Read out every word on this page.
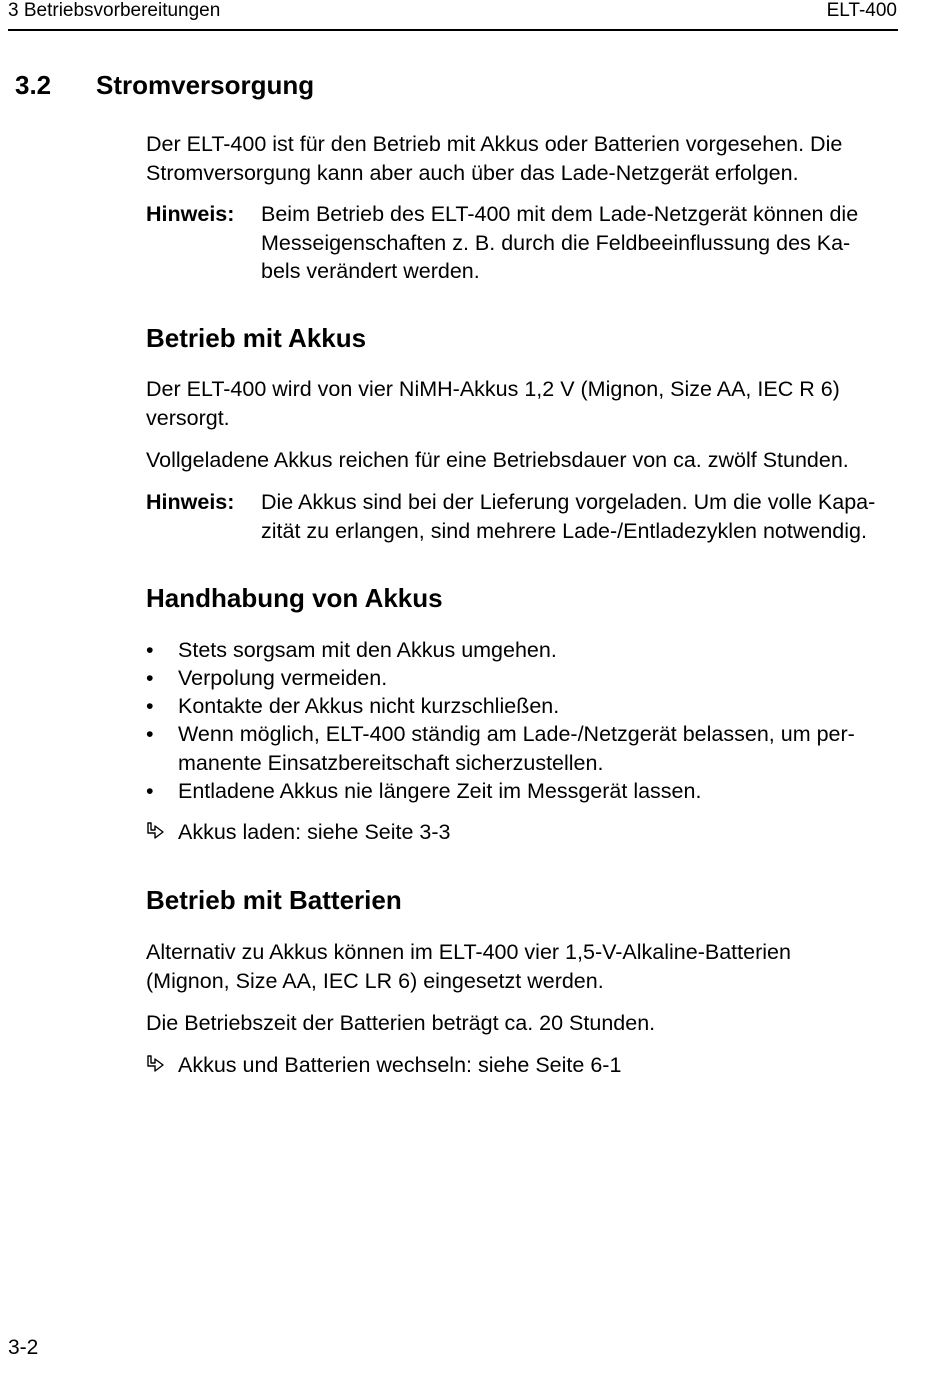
3 Betriebsvorbereitungen	ELT-400
3.2 Stromversorgung
Der ELT-400 ist für den Betrieb mit Akkus oder Batterien vorgesehen. Die
Stromversorgung kann aber auch über das Lade-Netzgerät erfolgen.
Hinweis: Beim Betrieb des ELT-400 mit dem Lade-Netzgerät können die
Messeigenschaften z. B. durch die Feldbeeinflussung des Ka-
bels verändert werden.
Betrieb mit Akkus
Der ELT-400 wird von vier NiMH-Akkus 1,2 V (Mignon, Size AA, IEC R 6)
versorgt.
Vollgeladene Akkus reichen für eine Betriebsdauer von ca. zwölf Stunden.
Hinweis: Die Akkus sind bei der Lieferung vorgeladen. Um die volle Kapa-
zität zu erlangen, sind mehrere Lade-/Entladezyklen notwendig.
Handhabung von Akkus
• Stets sorgsam mit den Akkus umgehen.
• Verpolung vermeiden.
• Kontakte der Akkus nicht kurzschließen.
• Wenn möglich, ELT-400 ständig am Lade-/Netzgerät belassen, um per-
manente Einsatzbereitschaft sicherzustellen.
• Entladene Akkus nie längere Zeit im Messgerät lassen.
Akkus laden: siehe Seite 3-3
Betrieb mit Batterien
Alternativ zu Akkus können im ELT-400 vier 1,5-V-Alkaline-Batterien
(Mignon, Size AA, IEC LR 6) eingesetzt werden.
Die Betriebszeit der Batterien beträgt ca. 20 Stunden.
Akkus und Batterien wechseln: siehe Seite 6-1
3-2
